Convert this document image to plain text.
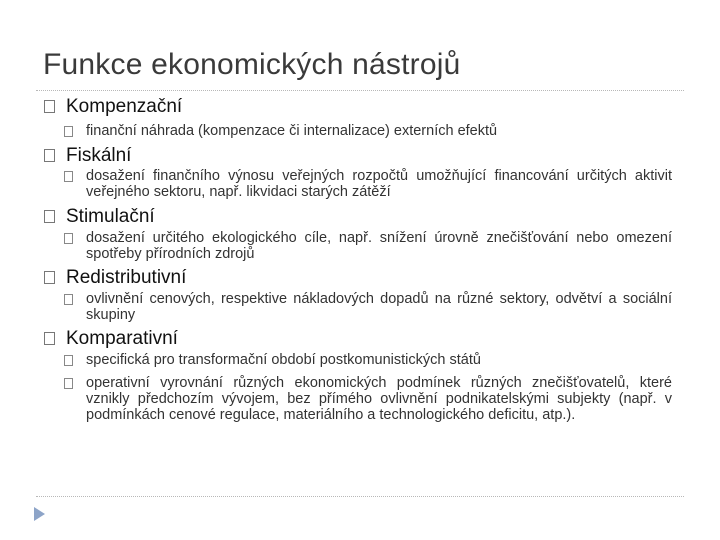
Funkce ekonomických nástrojů
Kompenzační
finanční náhrada (kompenzace či internalizace) externích efektů
Fiskální
dosažení finančního výnosu veřejných rozpočtů umožňující financování určitých aktivit veřejného sektoru, např. likvidaci starých zátěží
Stimulační
dosažení určitého ekologického cíle, např. snížení úrovně znečišťování nebo omezení spotřeby přírodních zdrojů
Redistributivní
ovlivnění cenových, respektive nákladových dopadů na různé sektory, odvětví a sociální skupiny
Komparativní
specifická pro transformační období postkomunistických států
operativní vyrovnání různých ekonomických podmínek různých znečišťovatelů, které vznikly předchozím vývojem, bez přímého ovlivnění podnikatelskými subjekty (např. v podmínkách cenové regulace, materiálního a technologického deficitu, atp.).
